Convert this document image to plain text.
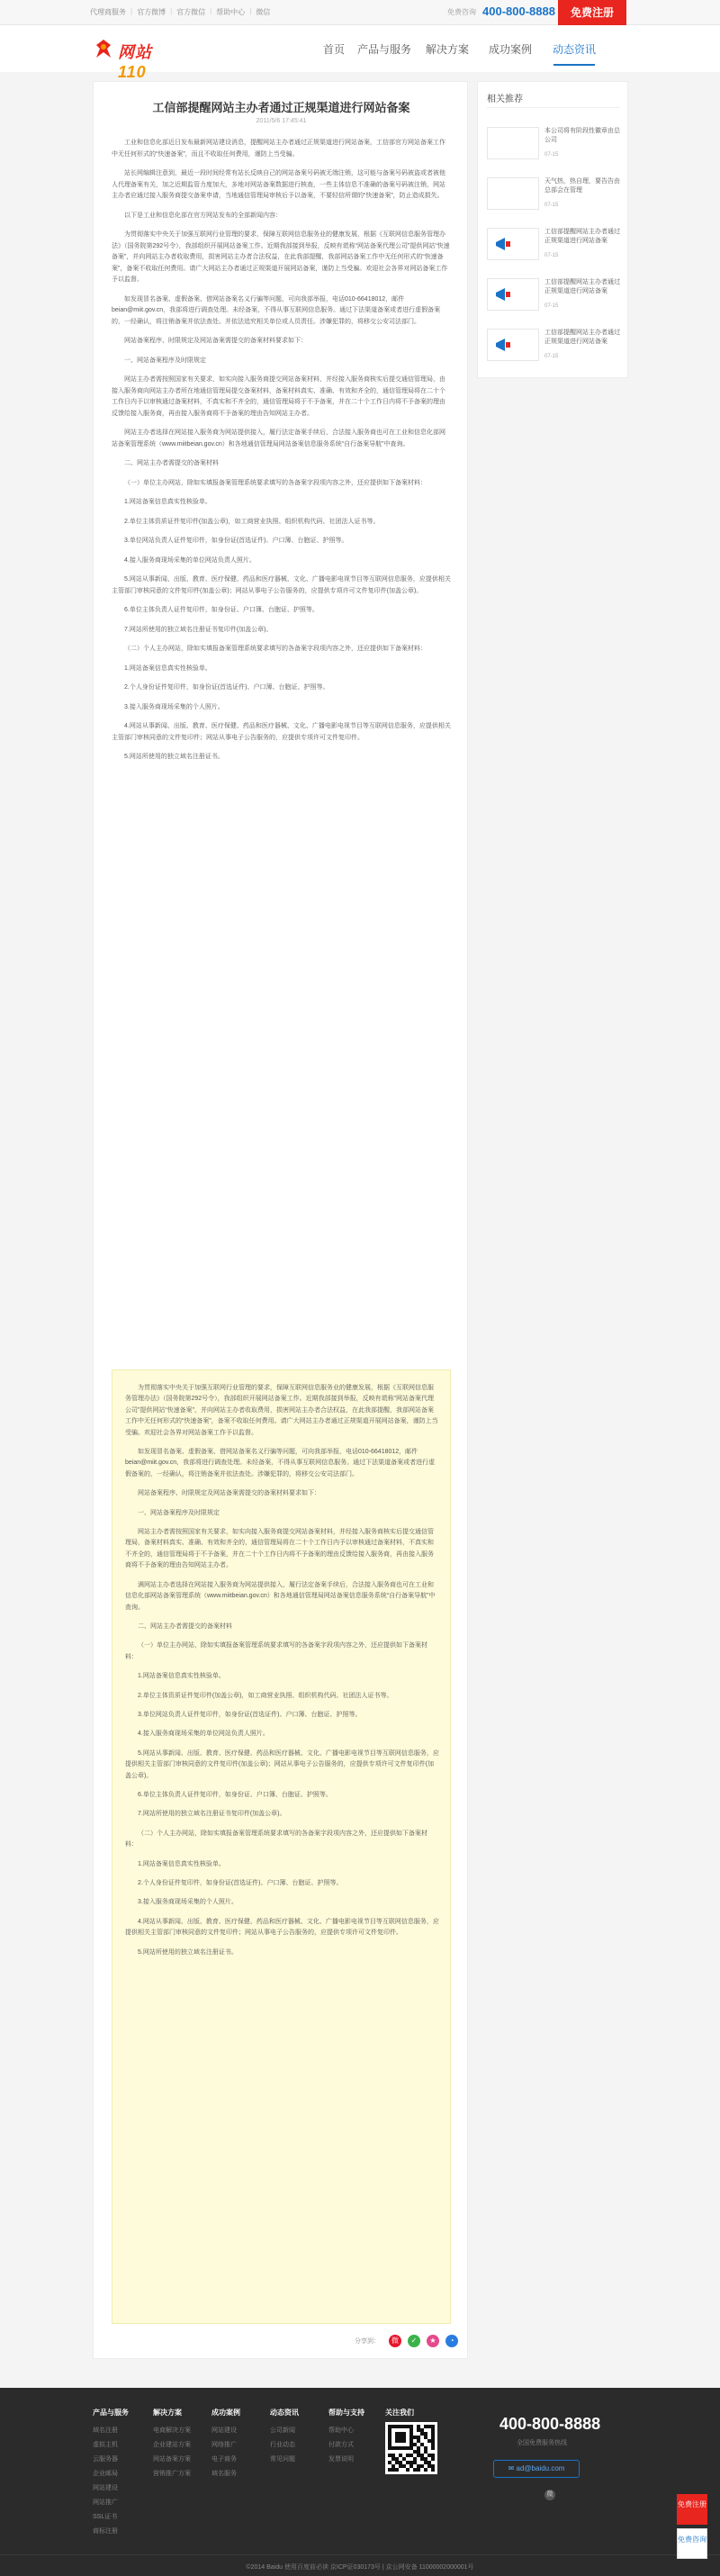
代理商服务 | 官方微博 | 官方微信 | 帮助中心 | 微信	免费咨询 400-800-8888	免费注册
网站110
首页	产品与服务	解决方案	成功案例	动态资讯
工信部提醒网站主办者通过正规渠道进行网站备案
2011/5/6 17:45:41

工业和信息化部近日发布最新网站建设消息，提醒网站主办者通过正规渠道进行网站备案，工信部官方网站备案工作中无任何形式的“快速备案”，而且不收取任何费用，谨防上当受骗。

站长网编辑注意到，最近一段时间经常有站长反映自己的网站备案号码被无端注销，这可能与备案号码被盗或者被他人代理备案有关，加之近期监管力度加大，多地对网站备案数据进行核查，一些主体信息不准确的备案号码被注销，网站主办者应通过接入服务商提交备案申请，当地通信管理局审核后予以备案，不要轻信所谓的“快速备案”，防止造成损失。

以下是工业和信息化部在官方网站发布的全部新闻内容：

为贯彻落实中央关于加强互联网行业管理的要求，保障互联网信息服务业的健康发展，根据《互联网信息服务管理办法》（国务院第292号令），我部组织开展网站备案工作。近期我部接到举报，反映有谎称“网站备案代理公司”提供网站“快速备案”，并向网站主办者收取费用，损害网站主办者合法权益，在此我部提醒，我部网站备案工作中无任何形式的“快速备案”，备案不收取任何费用。请广大网站主办者通过正规渠道开展网站备案，谨防上当受骗。欢迎社会各界对网站备案工作予以监督。

如发现冒名备案、虚假备案、借网站备案名义行骗等问题，可向我部举报，电话010-66418012，邮件beian@miit.gov.cn，我部将进行调查处理。未经备案，不得从事互联网信息服务。通过下法渠道备案或者进行虚假备案的，一经确认，将注销备案并依法查处。并依法追究相关单位或人员责任。涉嫌犯罪的，将移交公安司法部门。

网站备案程序、时限规定及网站备案需提交的备案材料要求如下：

一、网站备案程序及时限规定

网站主办者需按照国家有关要求，如实向接入服务商提交网站备案材料，并经接入服务商核实后提交通信管理局，由接入服务商向网站主办者所在地通信管理局提交备案材料，备案材料真实、准确、有效和齐全的，通信管理局将在二十个工作日内予以审核通过备案材料，不真实和不齐全的，通信管理局将于不予备案，并在二十个工作日内将不予备案的理由反馈给接入服务商，再由接入服务商将不予备案的理由告知网站主办者。

网站主办者选择在网站接入服务商为网站提供接入，履行法定备案手续后，合法接入服务商也可在工业和信息化部网站备案管理系统（www.miitbeian.gov.cn）和各地通信管理局网站备案信息服务系统“自行备案导航”中查询。

二、网站主办者需提交的备案材料

（一）单位主办网站，除如实填报备案管理系统要求填写的各备案字段项内容之外，还应提供如下备案材料：

1.网站备案信息真实性核验单。

2.单位主体资质证件复印件(加盖公章)，如工商营业执照、组织机构代码、社团法人证书等。

3.单位网站负责人证件复印件，如身份证(首选证件)、户口簿、台胞证、护照等。

4.接入服务商现场采集的单位网站负责人照片。

5.网站从事新闻、出版、教育、医疗保健、药品和医疗器械、文化、广播电影电视节目等互联网信息服务，应提供相关主管部门审核同意的文件复印件(加盖公章)；网站从事电子公告服务的，应提供专项许可文件复印件(加盖公章)。

6.单位主体负责人证件复印件，如身份证、户口簿、台胞证、护照等。

7.网站所使用的独立域名注册证书复印件(加盖公章)。

（二）个人主办网站，除如实填报备案管理系统要求填写的各备案字段项内容之外，还应提供如下备案材料：

1.网站备案信息真实性核验单。

2.个人身份证件复印件，如身份证(首选证件)、户口簿、台胞证、护照等。

3.接入服务商现场采集的个人照片。

4.网站从事新闻、出版、教育、医疗保健、药品和医疗器械、文化、广播电影电视节目等互联网信息服务，应提供相关主管部门审核同意的文件复印件；网站从事电子公告服务的，应提供专项许可文件复印件。

5.网站所使用的独立域名注册证书。

为贯彻落实中央关于加强互联网行业管理的要求，保障互联网信息服务业的健康发展，根据《互联网信息服务管理办法》（国务院第292号令），我部组织开展网站备案工作。近期我部接到举报，反映有谎称“网站备案代理公司”提供网站“快速备案”，并向网站主办者收取费用，损害网站主办者合法权益，在此我部提醒，我部网站备案工作中无任何形式的“快速备案”，备案不收取任何费用。请广大网站主办者通过正规渠道开展网站备案，谨防上当受骗。欢迎社会各界对网站备案工作予以监督。

如发现冒名备案、虚假备案、借网站备案名义行骗等问题，可向我部举报，电话010-66418012，邮件beian@miit.gov.cn，我部将进行调查处理。未经备案，不得从事互联网信息服务。通过下法渠道备案或者进行虚假备案的，一经确认，将注销备案并依法查处。涉嫌犯罪的，将移交公安司法部门。

网站备案程序、时限规定及网站备案需提交的备案材料要求如下：

一、网站备案程序及时限规定

网站主办者需按照国家有关要求，如实向接入服务商提交网站备案材料，并经接入服务商核实后提交通信管理局，备案材料真实、准确、有效和齐全的，通信管理局将在二十个工作日内予以审核通过备案材料，不真实和不齐全的，通信管理局将于不予备案，并在二十个工作日内将不予备案的理由反馈给接入服务商，再由接入服务商将不予备案的理由告知网站主办者。

满网站主办者选择在网站接入服务商为网站提供接入，履行法定备案手续后，合法接入服务商也可在工业和信息化部网站备案管理系统（www.miitbeian.gov.cn）和各地通信管理局网站备案信息服务系统“自行备案导航”中查询。

二、网站主办者需提交的备案材料

（一）单位主办网站，除如实填报备案管理系统要求填写的各备案字段项内容之外，还应提供如下备案材料：

1.网站备案信息真实性核验单。

2.单位主体资质证件复印件(加盖公章)，如工商营业执照、组织机构代码、社团法人证书等。

3.单位网站负责人证件复印件，如身份证(首选证件)、户口簿、台胞证、护照等。

4.接入服务商现场采集的单位网站负责人照片。

5.网站从事新闻、出版、教育、医疗保健、药品和医疗器械、文化、广播电影电视节目等互联网信息服务，应提供相关主管部门审核同意的文件复印件(加盖公章)；网站从事电子公告服务的，应提供专项许可文件复印件(加盖公章)。

6.单位主体负责人证件复印件，如身份证、户口簿、台胞证、护照等。

7.网站所使用的独立域名注册证书复印件(加盖公章)。

（二）个人主办网站，除如实填报备案管理系统要求填写的各备案字段项内容之外，还应提供如下备案材料：

1.网站备案信息真实性核验单。

2.个人身份证件复印件，如身份证(首选证件)、户口簿、台胞证、护照等。

3.接入服务商现场采集的个人照片。

4.网站从事新闻、出版、教育、医疗保健、药品和医疗器械、文化、广播电影电视节目等互联网信息服务，应提供相关主管部门审核同意的文件复印件；网站从事电子公告服务的，应提供专项许可文件复印件。

5.网站所使用的独立域名注册证书。

分享到：	微	✓	★	◔
相关推荐
本公司将有阶段性徽章由总公司
07-15
天气热，热自理，要告告由总部会在管理
07-15
工信部提醒网站主办者通过正规渠道进行网站备案
07-15
工信部提醒网站主办者通过正规渠道进行网站备案
07-15
工信部提醒网站主办者通过正规渠道进行网站备案
07-15
产品与服务
域名注册
虚拟主机
云服务器
企业邮局
网站建设
网站推广
SSL证书
商标注册
解决方案
电商解决方案
企业建站方案
网站备案方案
营销推广方案
成功案例
网站建设
网络推广
电子商务
域名服务
动态资讯
公司新闻
行业动态
常见问题
帮助与支持
帮助中心
付款方式
发票说明
关注我们
400-800-8888
全国免费服务热线
✉ ad@baidu.com
微
©2014 Baidu 使用百度前必读 京ICP证030173号 | 京公网安备 11000002000001号
免费注册
免费咨询
